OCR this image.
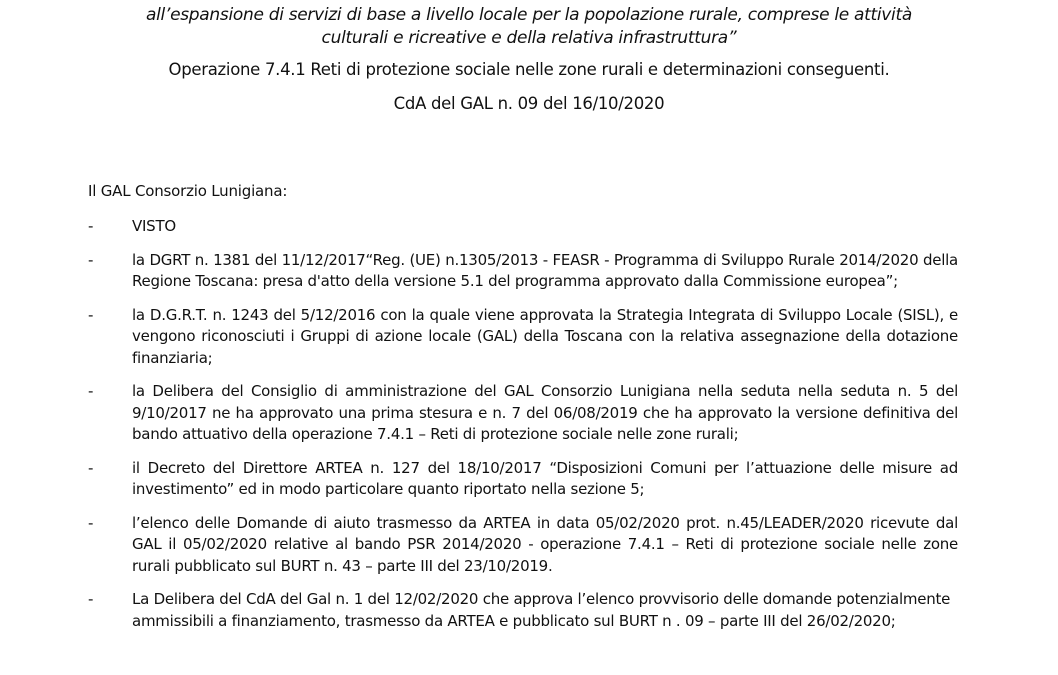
all’espansione di servizi di base a livello locale per la popolazione rurale, comprese le attività
culturali e ricreative e della relativa infrastruttura”
Operazione 7.4.1 Reti di protezione sociale nelle zone rurali e determinazioni conseguenti.
CdA del GAL n. 09 del 16/10/2020
Il GAL Consorzio Lunigiana:
-	VISTO
-	la DGRT n. 1381 del 11/12/2017“Reg. (UE) n.1305/2013 - FEASR - Programma di Sviluppo Rurale 2014/2020 della Regione Toscana: presa d'atto della versione 5.1 del programma approvato dalla Commissione europea”;
-	la D.G.R.T. n. 1243 del 5/12/2016 con la quale viene approvata la Strategia Integrata di Sviluppo Locale (SISL), e vengono riconosciuti i Gruppi di azione locale (GAL) della Toscana con la relativa assegnazione della dotazione finanziaria;
-	la Delibera del Consiglio di amministrazione del GAL Consorzio Lunigiana nella seduta nella seduta n. 5 del 9/10/2017 ne ha approvato una prima stesura e n. 7 del 06/08/2019 che ha approvato la versione definitiva del bando attuativo della operazione 7.4.1 – Reti di protezione sociale nelle zone rurali;
-	il Decreto del Direttore ARTEA n. 127 del 18/10/2017 “Disposizioni Comuni per l’attuazione delle misure ad investimento” ed in modo particolare quanto riportato nella sezione 5;
-	l’elenco delle Domande di aiuto trasmesso da ARTEA in data 05/02/2020 prot. n.45/LEADER/2020 ricevute dal GAL il 05/02/2020 relative al bando PSR 2014/2020 - operazione 7.4.1 – Reti di protezione sociale nelle zone rurali pubblicato sul BURT n. 43 – parte III del 23/10/2019.
-	La Delibera del CdA del Gal n. 1 del 12/02/2020 che approva l’elenco provvisorio delle domande potenzialmente ammissibili a finanziamento, trasmesso da ARTEA e pubblicato sul BURT n . 09 – parte III del 26/02/2020;
